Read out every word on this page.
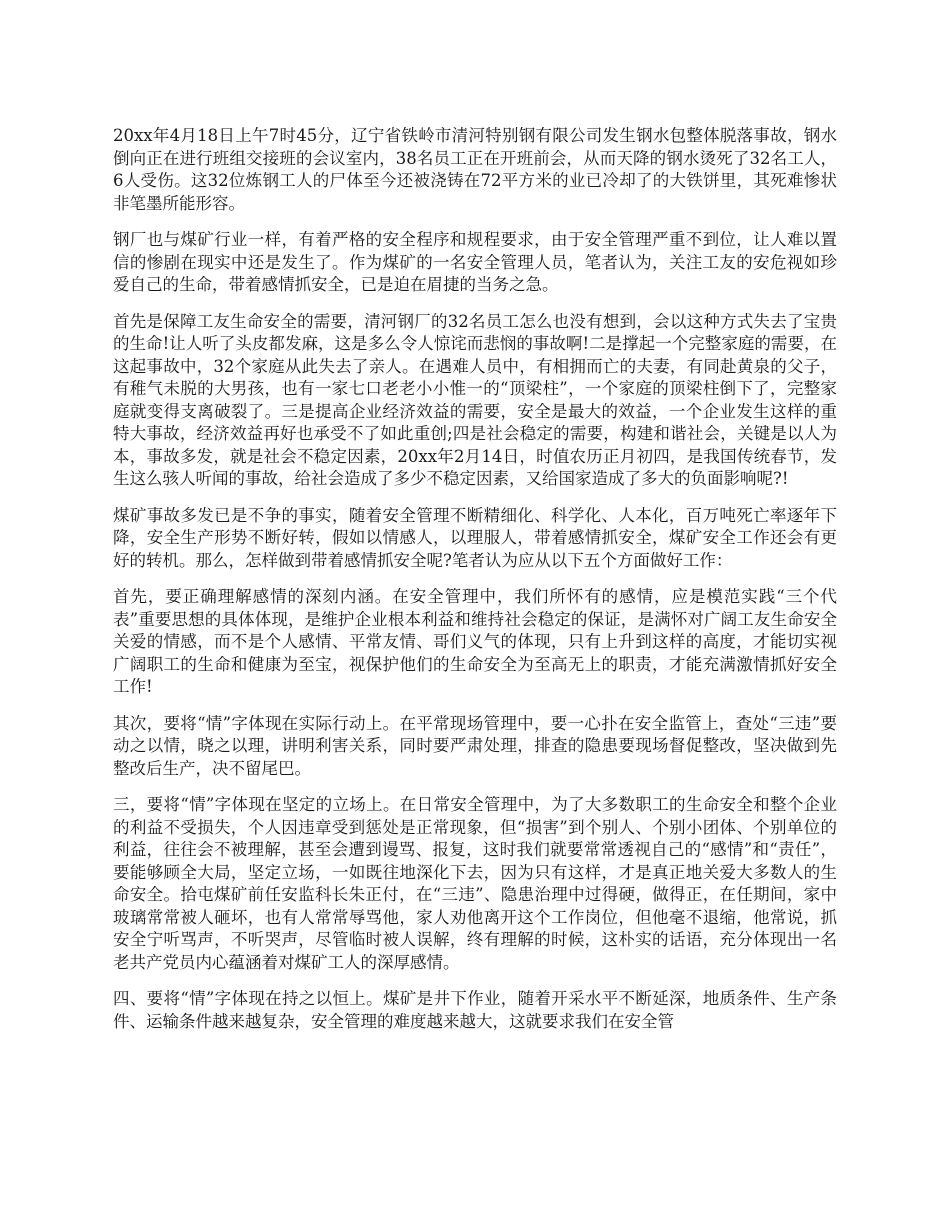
20xx年4月18日上午7时45分，辽宁省铁岭市清河特别钢有限公司发生钢水包整体脱落事故，钢水倒向正在进行班组交接班的会议室内，38名员工正在开班前会，从而天降的钢水烫死了32名工人，6人受伤。这32位炼钢工人的尸体至今还被浇铸在72平方米的业已冷却了的大铁饼里，其死难惨状非笔墨所能形容。

钢厂也与煤矿行业一样，有着严格的安全程序和规程要求，由于安全管理严重不到位，让人难以置信的惨剧在现实中还是发生了。作为煤矿的一名安全管理人员，笔者认为，关注工友的安危视如珍爱自己的生命，带着感情抓安全，已是迫在眉捷的当务之急。

首先是保障工友生命安全的需要，清河钢厂的32名员工怎么也没有想到，会以这种方式失去了宝贵的生命!让人听了头皮都发麻，这是多么令人惊诧而悲悯的事故啊!二是撑起一个完整家庭的需要，在这起事故中，32个家庭从此失去了亲人。在遇难人员中，有相拥而亡的夫妻，有同赴黄泉的父子，有稚气未脱的大男孩，也有一家七口老老小小惟一的“顶梁柱”，一个家庭的顶梁柱倒下了，完整家庭就变得支离破裂了。三是提高企业经济效益的需要，安全是最大的效益，一个企业发生这样的重特大事故，经济效益再好也承受不了如此重创;四是社会稳定的需要，构建和谐社会，关键是以人为本，事故多发，就是社会不稳定因素，20xx年2月14日，时值农历正月初四，是我国传统春节，发生这么骇人听闻的事故，给社会造成了多少不稳定因素，又给国家造成了多大的负面影响呢?!

煤矿事故多发已是不争的事实，随着安全管理不断精细化、科学化、人本化，百万吨死亡率逐年下降，安全生产形势不断好转，假如以情感人，以理服人，带着感情抓安全，煤矿安全工作还会有更好的转机。那么，怎样做到带着感情抓安全呢?笔者认为应从以下五个方面做好工作：

首先，要正确理解感情的深刻内涵。在安全管理中，我们所怀有的感情，应是模范实践“三个代表”重要思想的具体体现，是维护企业根本利益和维持社会稳定的保证，是满怀对广阔工友生命安全关爱的情感，而不是个人感情、平常友情、哥们义气的体现，只有上升到这样的高度，才能切实视广阔职工的生命和健康为至宝，视保护他们的生命安全为至高无上的职责，才能充满激情抓好安全工作!

其次，要将“情”字体现在实际行动上。在平常现场管理中，要一心扑在安全监管上，查处“三违”要动之以情，晓之以理，讲明利害关系，同时要严肃处理，排查的隐患要现场督促整改，坚决做到先整改后生产，决不留尾巴。

三，要将“情”字体现在坚定的立场上。在日常安全管理中，为了大多数职工的生命安全和整个企业的利益不受损失，个人因违章受到惩处是正常现象，但“损害”到个别人、个别小团体、个别单位的利益，往往会不被理解，甚至会遭到谩骂、报复，这时我们就要常常透视自己的“感情”和“责任”，要能够顾全大局，坚定立场，一如既往地深化下去，因为只有这样，才是真正地关爱大多数人的生命安全。拾屯煤矿前任安监科长朱正付，在“三违”、隐患治理中过得硬，做得正，在任期间，家中玻璃常常被人砸坏，也有人常常辱骂他，家人劝他离开这个工作岗位，但他毫不退缩，他常说，抓安全宁听骂声，不听哭声，尽管临时被人误解，终有理解的时候，这朴实的话语，充分体现出一名老共产党员内心蕴涵着对煤矿工人的深厚感情。

四、要将“情”字体现在持之以恒上。煤矿是井下作业，随着开采水平不断延深，地质条件、生产条件、运输条件越来越复杂，安全管理的难度越来越大，这就要求我们在安全管
